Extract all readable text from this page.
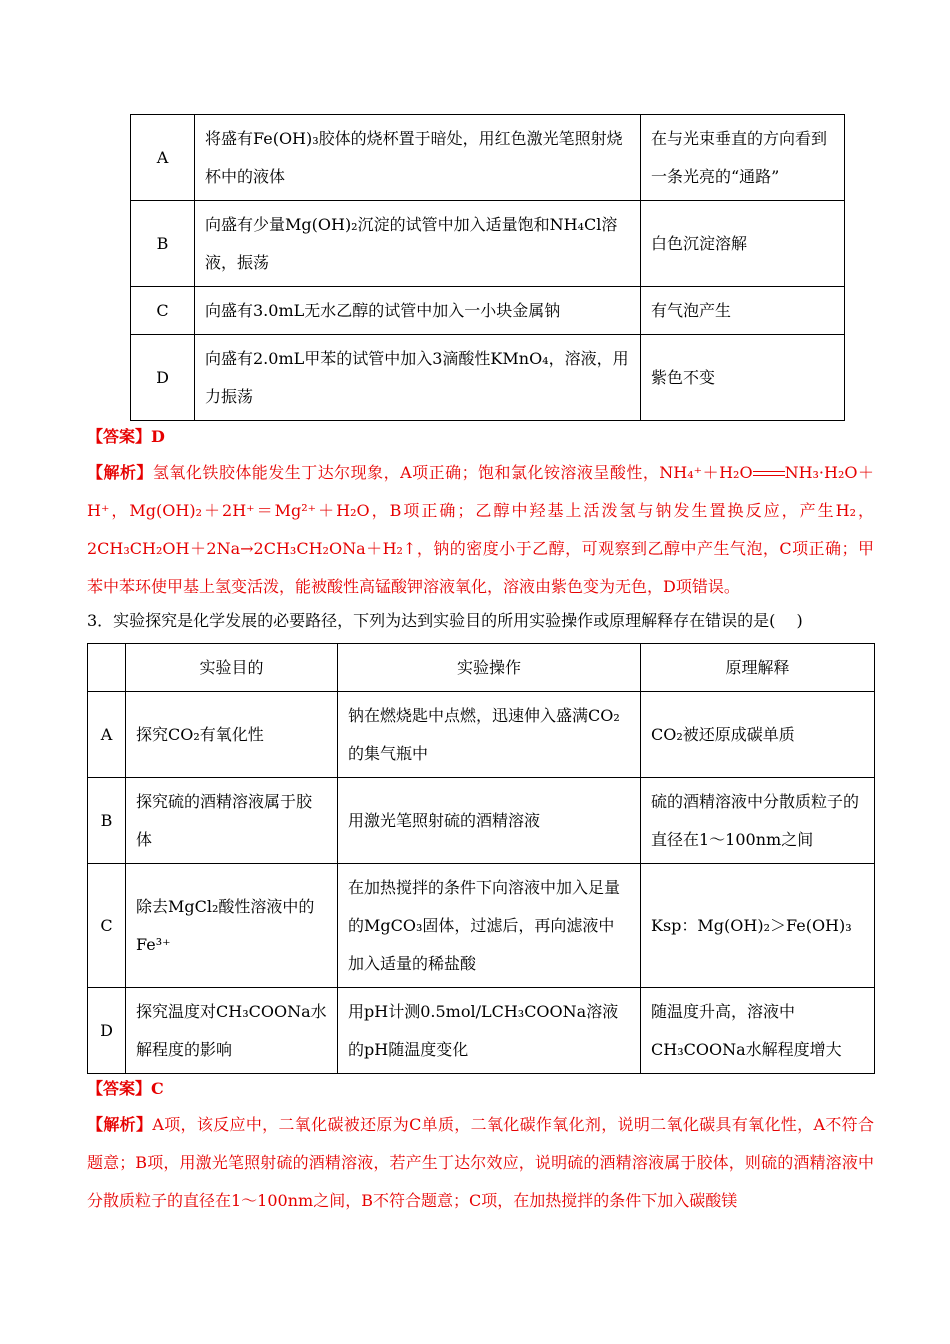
A	将盛有Fe(OH)₃胶体的烧杯置于暗处，用红色激光笔照射烧杯中的液体	在与光束垂直的方向看到一条光亮的“通路”
B	向盛有少量Mg(OH)₂沉淀的试管中加入适量饱和NH₄Cl溶液，振荡	白色沉淀溶解
C	向盛有3.0mL无水乙醇的试管中加入一小块金属钠	有气泡产生
D	向盛有2.0mL甲苯的试管中加入3滴酸性KMnO₄，溶液，用力振荡	紫色不变
【答案】D
【解析】氢氧化铁胶体能发生丁达尔现象，A项正确；饱和氯化铵溶液呈酸性，NH₄⁺＋H₂O NH₃·H₂O＋H⁺，Mg(OH)₂＋2H⁺＝Mg²⁺＋H₂O，B项正确；乙醇中羟基上活泼氢与钠发生置换反应，产生H₂，2CH₃CH₂OH＋2Na→2CH₃CH₂ONa＋H₂↑，钠的密度小于乙醇，可观察到乙醇中产生气泡，C项正确；甲苯中苯环使甲基上氢变活泼，能被酸性高锰酸钾溶液氧化，溶液由紫色变为无色，D项错误。
3．实验探究是化学发展的必要路径，下列为达到实验目的所用实验操作或原理解释存在错误的是(　 )
	实验目的	实验操作	原理解释
A	探究CO₂有氧化性	钠在燃烧匙中点燃，迅速伸入盛满CO₂的集气瓶中	CO₂被还原成碳单质
B	探究硫的酒精溶液属于胶体	用激光笔照射硫的酒精溶液	硫的酒精溶液中分散质粒子的直径在1～100nm之间
C	除去MgCl₂酸性溶液中的Fe³⁺	在加热搅拌的条件下向溶液中加入足量的MgCO₃固体，过滤后，再向滤液中加入适量的稀盐酸	Ksp：Mg(OH)₂＞Fe(OH)₃
D	探究温度对CH₃COONa水解程度的影响	用pH计测0.5mol/LCH₃COONa溶液的pH随温度变化	随温度升高，溶液中CH₃COONa水解程度增大
【答案】C
【解析】A项，该反应中，二氧化碳被还原为C单质，二氧化碳作氧化剂，说明二氧化碳具有氧化性，A不符合题意；B项，用激光笔照射硫的酒精溶液，若产生丁达尔效应，说明硫的酒精溶液属于胶体，则硫的酒精溶液中分散质粒子的直径在1～100nm之间，B不符合题意；C项，在加热搅拌的条件下加入碳酸镁
